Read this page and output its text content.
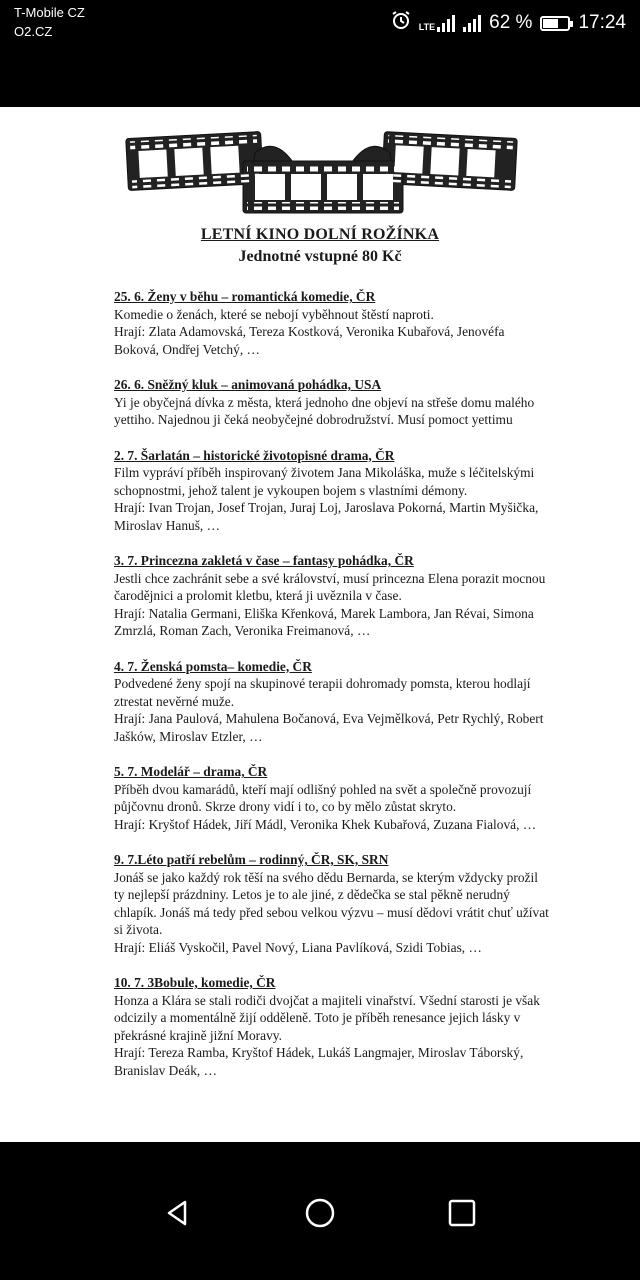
T-Mobile CZ
O2.CZ	LTE	62 % 17:24
LETNÍ KINO DOLNÍ ROŽÍNKA
Jednotné vstupné 80 Kč

25. 6. Ženy v běhu – romantická komedie, ČR

Komedie o ženách, které se nebojí vyběhnout štěstí naproti.

Hrají: Zlata Adamovská, Tereza Kostková, Veronika Kubařová, Jenovéfa Boková, Ondřej Vetchý, …

26. 6. Sněžný kluk – animovaná pohádka, USA

Yi je obyčejná dívka z města, která jednoho dne objeví na střeše domu malého yettiho. Najednou ji čeká neobyčejné dobrodružství. Musí pomoct yettimu

2. 7. Šarlatán – historické životopisné drama, ČR

Film vypráví příběh inspirovaný životem Jana Mikoláška, muže s léčitelskými schopnostmi, jehož talent je vykoupen bojem s vlastními démony.

Hrají: Ivan Trojan, Josef Trojan, Juraj Loj, Jaroslava Pokorná, Martin Myšička, Miroslav Hanuš, …

3. 7. Princezna zakletá v čase – fantasy pohádka, ČR

Jestli chce zachránit sebe a své království, musí princezna Elena porazit mocnou čarodějnici a prolomit kletbu, která ji uvěznila v čase.

Hrají: Natalia Germani, Eliška Křenková, Marek Lambora, Jan Révai, Simona Zmrzlá, Roman Zach, Veronika Freimanová, …

4. 7. Ženská pomsta– komedie, ČR

Podvedené ženy spojí na skupinové terapii dohromady pomsta, kterou hodlají ztrestat nevěrné muže.

Hrají: Jana Paulová, Mahulena Bočanová, Eva Vejmělková, Petr Rychlý, Robert Jašków, Miroslav Etzler, …

5. 7. Modelář – drama, ČR

Příběh dvou kamarádů, kteří mají odlišný pohled na svět a společně provozují půjčovnu dronů. Skrze drony vidí i to, co by mělo zůstat skryto.

Hrají: Kryštof Hádek, Jiří Mádl, Veronika Khek Kubařová, Zuzana Fialová, …

9. 7.Léto patří rebelům – rodinný, ČR, SK, SRN

Jonáš se jako každý rok těší na svého dědu Bernarda, se kterým vždycky prožil ty nejlepší prázdniny. Letos je to ale jiné, z dědečka se stal pěkně nerudný chlapík. Jonáš má tedy před sebou velkou výzvu – musí dědovi vrátit chuť užívat si života.

Hrají: Eliáš Vyskočil, Pavel Nový, Liana Pavlíková, Szidi Tobias, …

10. 7. 3Bobule, komedie, ČR

Honza a Klára se stali rodiči dvojčat a majiteli vinařství. Všední starosti je však odcizily a momentálně žijí odděleně. Toto je příběh renesance jejich lásky v překrásné krajině jižní Moravy.

Hrají: Tereza Ramba, Kryštof Hádek, Lukáš Langmajer, Miroslav Táborský, Branislav Deák, …
